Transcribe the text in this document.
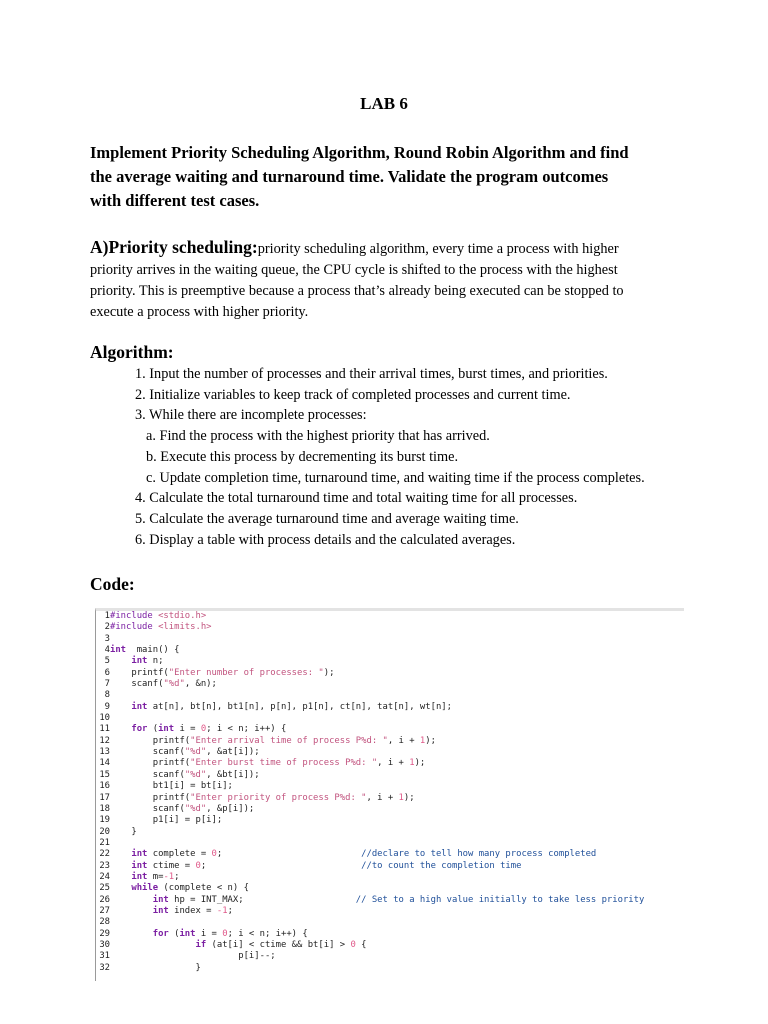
LAB 6
Implement Priority Scheduling Algorithm, Round Robin Algorithm and find
the average waiting and turnaround time. Validate the program outcomes
with different test cases.
A)Priority scheduling:priority scheduling algorithm, every time a process with higher
priority arrives in the waiting queue, the CPU cycle is shifted to the process with the highest
priority. This is preemptive because a process that’s already being executed can be stopped to
execute a process with higher priority.
Algorithm:
1. Input the number of processes and their arrival times, burst times, and priorities.
2. Initialize variables to keep track of completed processes and current time.
3. While there are incomplete processes:
a. Find the process with the highest priority that has arrived.
b. Execute this process by decrementing its burst time.
c. Update completion time, turnaround time, and waiting time if the process completes.
4. Calculate the total turnaround time and total waiting time for all processes.
5. Calculate the average turnaround time and average waiting time.
6. Display a table with process details and the calculated averages.
Code:
1#include <stdio.h>
2#include <limits.h>
3
4int  main() {
5 int n;
6    printf("Enter number of processes: ");
7    scanf("%d", &n);
8
9 int at[n], bt[n], bt1[n], p[n], p1[n], ct[n], tat[n], wt[n];
10
11 for (int i = 0; i < n; i++) {
12        printf("Enter arrival time of process P%d: ", i + 1);
13        scanf("%d", &at[i]);
14        printf("Enter burst time of process P%d: ", i + 1);
15        scanf("%d", &bt[i]);
16        bt1[i] = bt[i];
17        printf("Enter priority of process P%d: ", i + 1);
18        scanf("%d", &p[i]);
19        p1[i] = p[i];
20    }
21
22 int complete = 0;                          //declare to tell how many process completed
23 int ctime = 0;                             //to count the completion time
24 int m=-1;
25 while (complete < n) {
26	int hp = INT_MAX;                     // Set to a high value initially to take less priority
27	int index = -1;
28
29	for (int i = 0; i < n; i++) {
30	if (at[i] < ctime && bt[i] > 0 {
31                        p[i]--;
32                }
